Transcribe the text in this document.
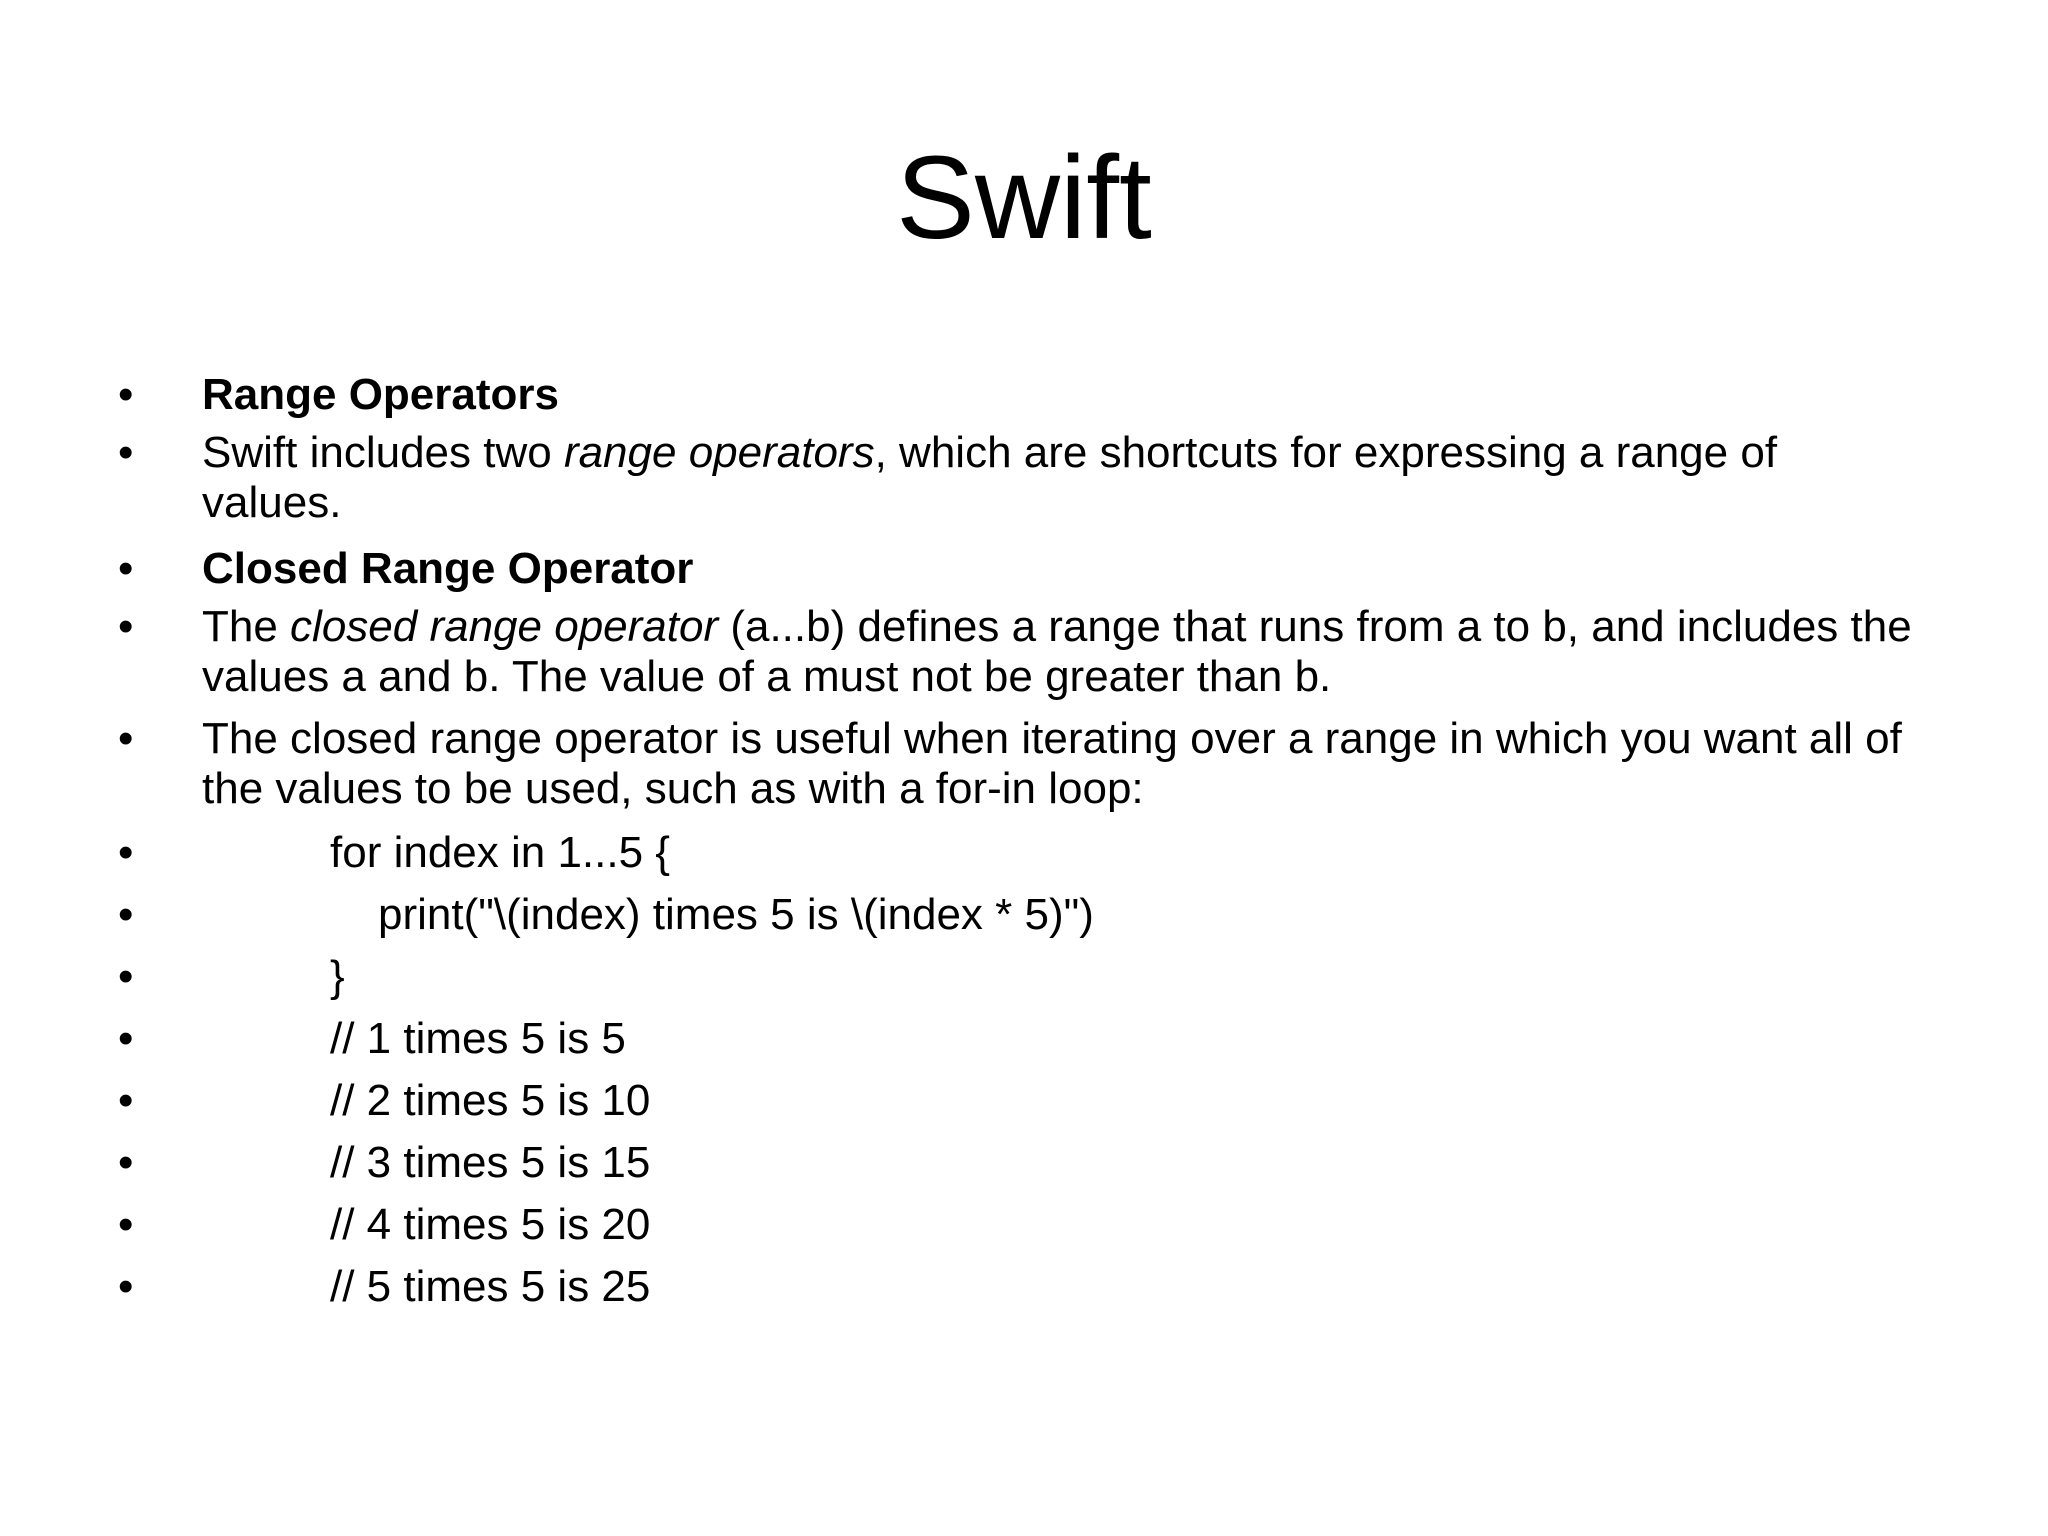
Swift
•	Range Operators
•	Swift includes two range operators, which are shortcuts for expressing a range of values.
•	Closed Range Operator
•	The closed range operator (a...b) defines a range that runs from a to b, and includes the values a and b. The value of a must not be greater than b.
•	The closed range operator is useful when iterating over a range in which you want all of the values to be used, such as with a for-in loop:
•	for index in 1...5 {
•	print("\(index) times 5 is \(index * 5)")
•	}
•	// 1 times 5 is 5
•	// 2 times 5 is 10
•	// 3 times 5 is 15
•	// 4 times 5 is 20
•	// 5 times 5 is 25
